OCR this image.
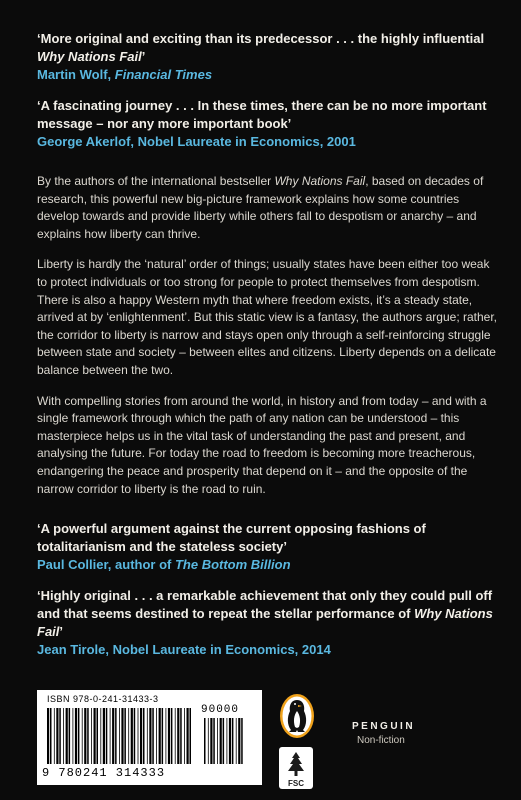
‘More original and exciting than its predecessor . . . the highly influential Why Nations Fail’

Martin Wolf, Financial Times

‘A fascinating journey . . . In these times, there can be no more important message – nor any more important book’

George Akerlof, Nobel Laureate in Economics, 2001

By the authors of the international bestseller Why Nations Fail, based on decades of research, this powerful new big-picture framework explains how some countries develop towards and provide liberty while others fall to despotism or anarchy – and explains how liberty can thrive.

Liberty is hardly the ‘natural’ order of things; usually states have been either too weak to protect individuals or too strong for people to protect themselves from despotism. There is also a happy Western myth that where freedom exists, it’s a steady state, arrived at by ‘enlightenment’. But this static view is a fantasy, the authors argue; rather, the corridor to liberty is narrow and stays open only through a self-reinforcing struggle between state and society – between elites and citizens. Liberty depends on a delicate balance between the two.

With compelling stories from around the world, in history and from today – and with a single framework through which the path of any nation can be understood – this masterpiece helps us in the vital task of understanding the past and present, and analysing the future. For today the road to freedom is becoming more treacherous, endangering the peace and prosperity that depend on it – and the opposite of the narrow corridor to liberty is the road to ruin.

‘A powerful argument against the current opposing fashions of totalitarianism and the stateless society’

Paul Collier, author of The Bottom Billion

‘Highly original . . . a remarkable achievement that only they could pull off and that seems destined to repeat the stellar performance of Why Nations Fail’

Jean Tirole, Nobel Laureate in Economics, 2014

ISBN 978-0-241-31433-3
90000
9 780241 314333
FSC
PENGUIN
Non-fiction
